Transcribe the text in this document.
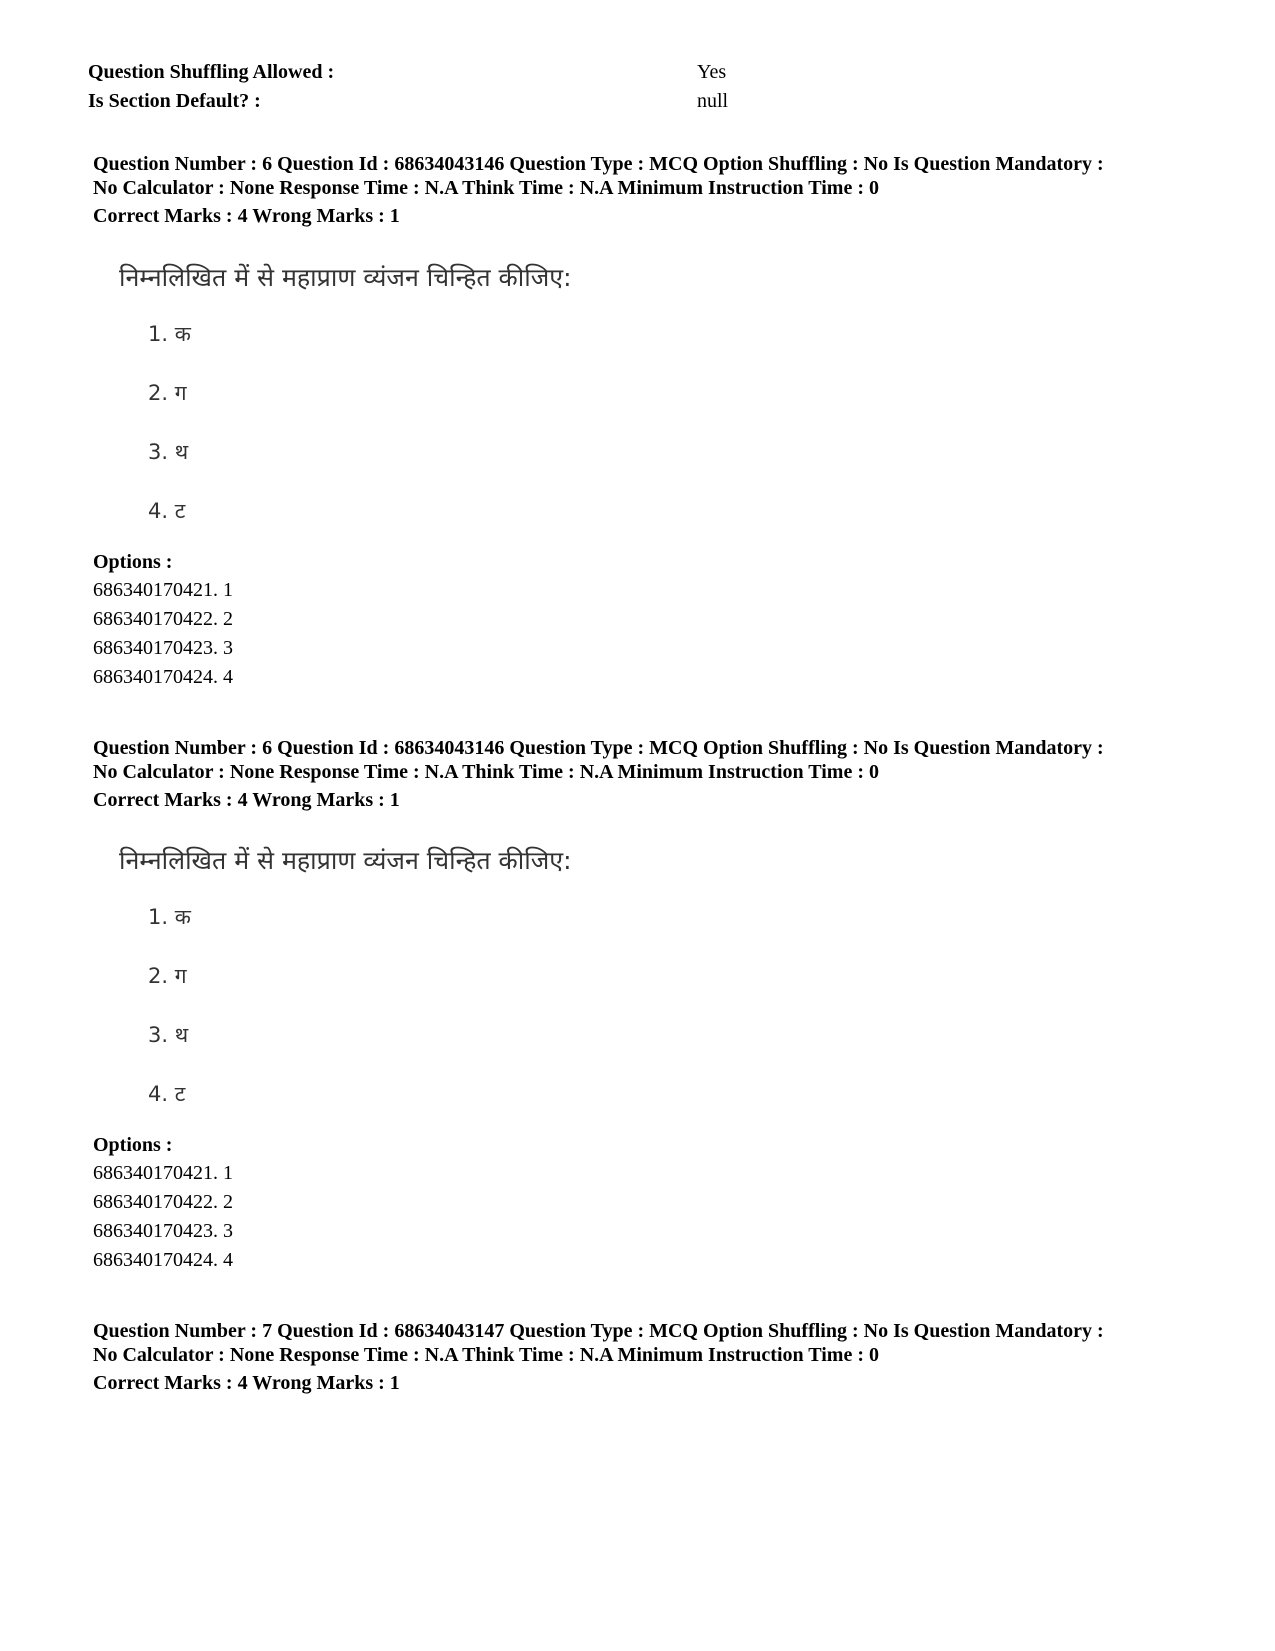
Question Shuffling Allowed :	Yes
Is Section Default? :	null
Question Number : 6 Question Id : 68634043146 Question Type : MCQ Option Shuffling : No Is Question Mandatory :
No Calculator : None Response Time : N.A Think Time : N.A Minimum Instruction Time : 0
Correct Marks : 4 Wrong Marks : 1
निम्नलिखित में से महाप्राण व्यंजन चिन्हित कीजिए:
1. क
2. ग
3. थ
4. ट
Options :
686340170421. 1
686340170422. 2
686340170423. 3
686340170424. 4
Question Number : 6 Question Id : 68634043146 Question Type : MCQ Option Shuffling : No Is Question Mandatory :
No Calculator : None Response Time : N.A Think Time : N.A Minimum Instruction Time : 0
Correct Marks : 4 Wrong Marks : 1
निम्नलिखित में से महाप्राण व्यंजन चिन्हित कीजिए:
1. क
2. ग
3. थ
4. ट
Options :
686340170421. 1
686340170422. 2
686340170423. 3
686340170424. 4
Question Number : 7 Question Id : 68634043147 Question Type : MCQ Option Shuffling : No Is Question Mandatory :
No Calculator : None Response Time : N.A Think Time : N.A Minimum Instruction Time : 0
Correct Marks : 4 Wrong Marks : 1
